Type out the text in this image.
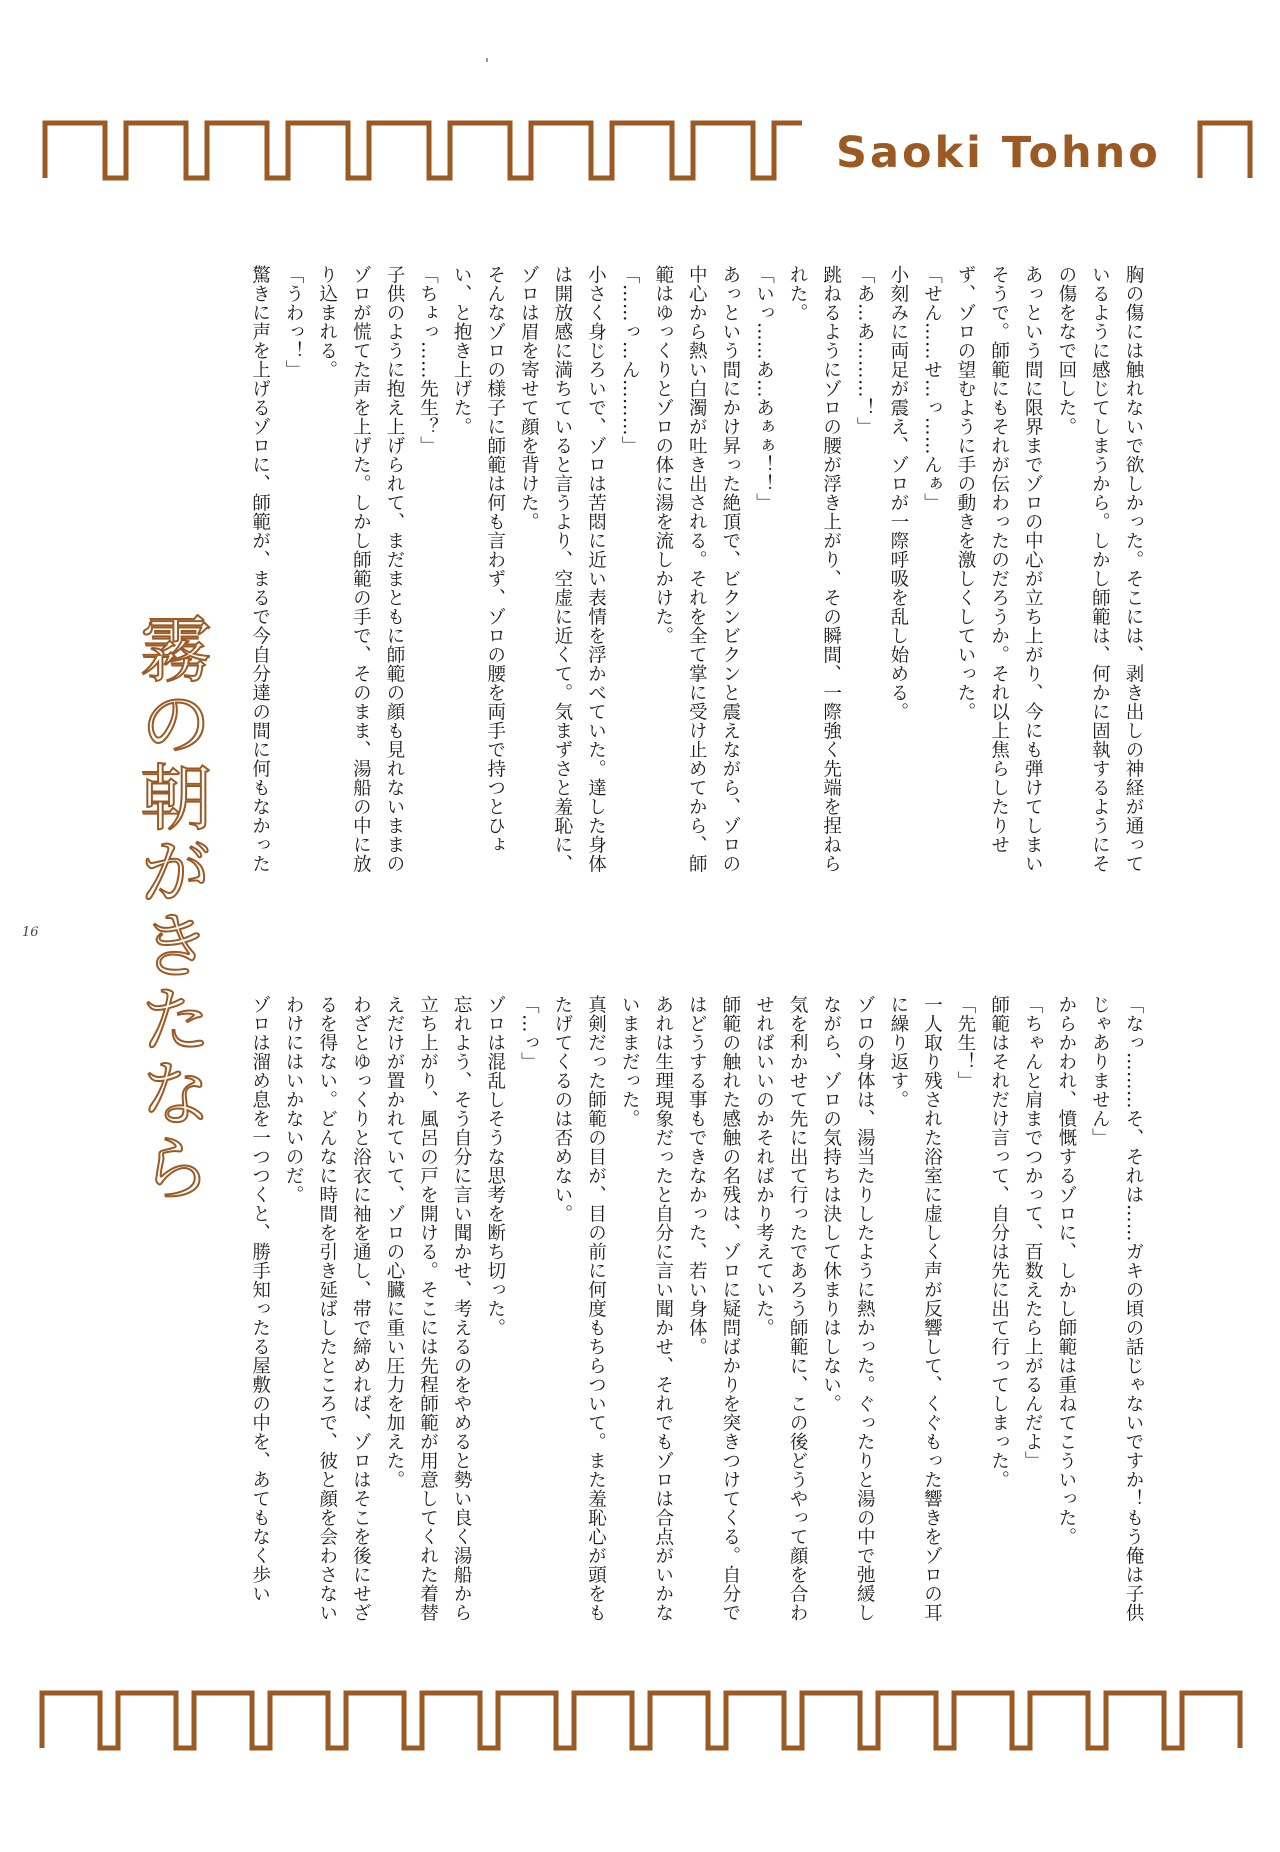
Saoki Tohno
霧の朝がきたなら

胸の傷には触れないで欲しかった。そこには、剥き出しの神経が通っているように感じてしまうから。しかし師範は、何かに固執するようにその傷をなで回した。

あっという間に限界までゾロの中心が立ち上がり、今にも弾けてしまいそうで。師範にもそれが伝わったのだろうか。それ以上焦らしたりせず、ゾロの望むように手の動きを激しくしていった。

「せん……せ…っ……んぁ」

小刻みに両足が震え、ゾロが一際呼吸を乱し始める。

「あ…あ………！」

跳ねるようにゾロの腰が浮き上がり、その瞬間、一際強く先端を捏ねられた。

「いっ……あ…あぁぁ！！」

あっという間にかけ昇った絶頂で、ビクンビクンと震えながら、ゾロの中心から熱い白濁が吐き出される。それを全て掌に受け止めてから、師範はゆっくりとゾロの体に湯を流しかけた。

「……っ…ん………」

小さく身じろいで、ゾロは苦悶に近い表情を浮かべていた。達した身体は開放感に満ちていると言うより、空虚に近くて。気まずさと羞恥に、ゾロは眉を寄せて顔を背けた。

そんなゾロの様子に師範は何も言わず、ゾロの腰を両手で持つとひょい、と抱き上げた。

「ちょっ……先生？」

子供のように抱え上げられて、まだまともに師範の顔も見れないままのゾロが慌てた声を上げた。しかし師範の手で、そのまま、湯船の中に放り込まれる。

「うわっ！」

驚きに声を上げるゾロに、師範が、まるで今自分達の間に何もなかった

「なっ………そ、それは……ガキの頃の話じゃないですか！もう俺は子供じゃありません」

からかわれ、憤慨するゾロに、しかし師範は重ねてこういった。

「ちゃんと肩までつかって、百数えたら上がるんだよ」

師範はそれだけ言って、自分は先に出て行ってしまった。

「先生！」

一人取り残された浴室に虚しく声が反響して、くぐもった響きをゾロの耳に繰り返す。

ゾロの身体は、湯当たりしたように熱かった。ぐったりと湯の中で弛緩しながら、ゾロの気持ちは決して休まりはしない。

気を利かせて先に出て行ったであろう師範に、この後どうやって顔を合わせればいいのかそればかり考えていた。

師範の触れた感触の名残は、ゾロに疑問ばかりを突きつけてくる。自分ではどうする事もできなかった、若い身体。

あれは生理現象だったと自分に言い聞かせ、それでもゾロは合点がいかないままだった。

真剣だった師範の目が、目の前に何度もちらついて。また羞恥心が頭をもたげてくるのは否めない。

「…っ」

ゾロは混乱しそうな思考を断ち切った。

忘れよう、そう自分に言い聞かせ、考えるのをやめると勢い良く湯船から立ち上がり、風呂の戸を開ける。そこには先程師範が用意してくれた着替えだけが置かれていて、ゾロの心臓に重い圧力を加えた。

わざとゆっくりと浴衣に袖を通し、帯で締めれば、ゾロはそこを後にせざるを得ない。どんなに時間を引き延ばしたところで、彼と顔を会わさないわけにはいかないのだ。

ゾロは溜め息を一つつくと、勝手知ったる屋敷の中を、あてもなく歩い

16
